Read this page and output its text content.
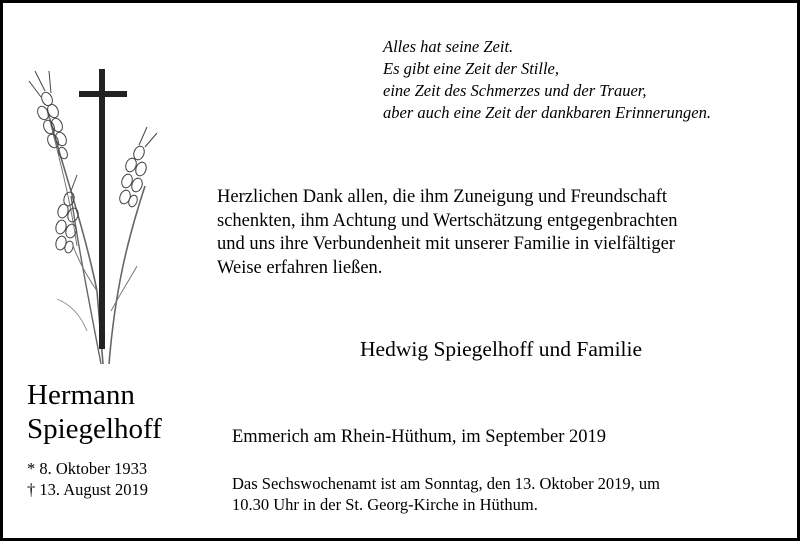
Alles hat seine Zeit.
Es gibt eine Zeit der Stille,
eine Zeit des Schmerzes und der Trauer,
aber auch eine Zeit der dankbaren Erinnerungen.
Herzlichen Dank allen, die ihm Zuneigung und Freundschaft
schenkten, ihm Achtung und Wertschätzung entgegenbrachten
und uns ihre Verbundenheit mit unserer Familie in vielfältiger
Weise erfahren ließen.
Hedwig Spiegelhoff und Familie
Hermann
Spiegelhoff
* 8. Oktober 1933
† 13. August 2019
Emmerich am Rhein-Hüthum, im September 2019
Das Sechswochenamt ist am Sonntag, den 13. Oktober 2019, um
10.30 Uhr in der St. Georg-Kirche in Hüthum.
